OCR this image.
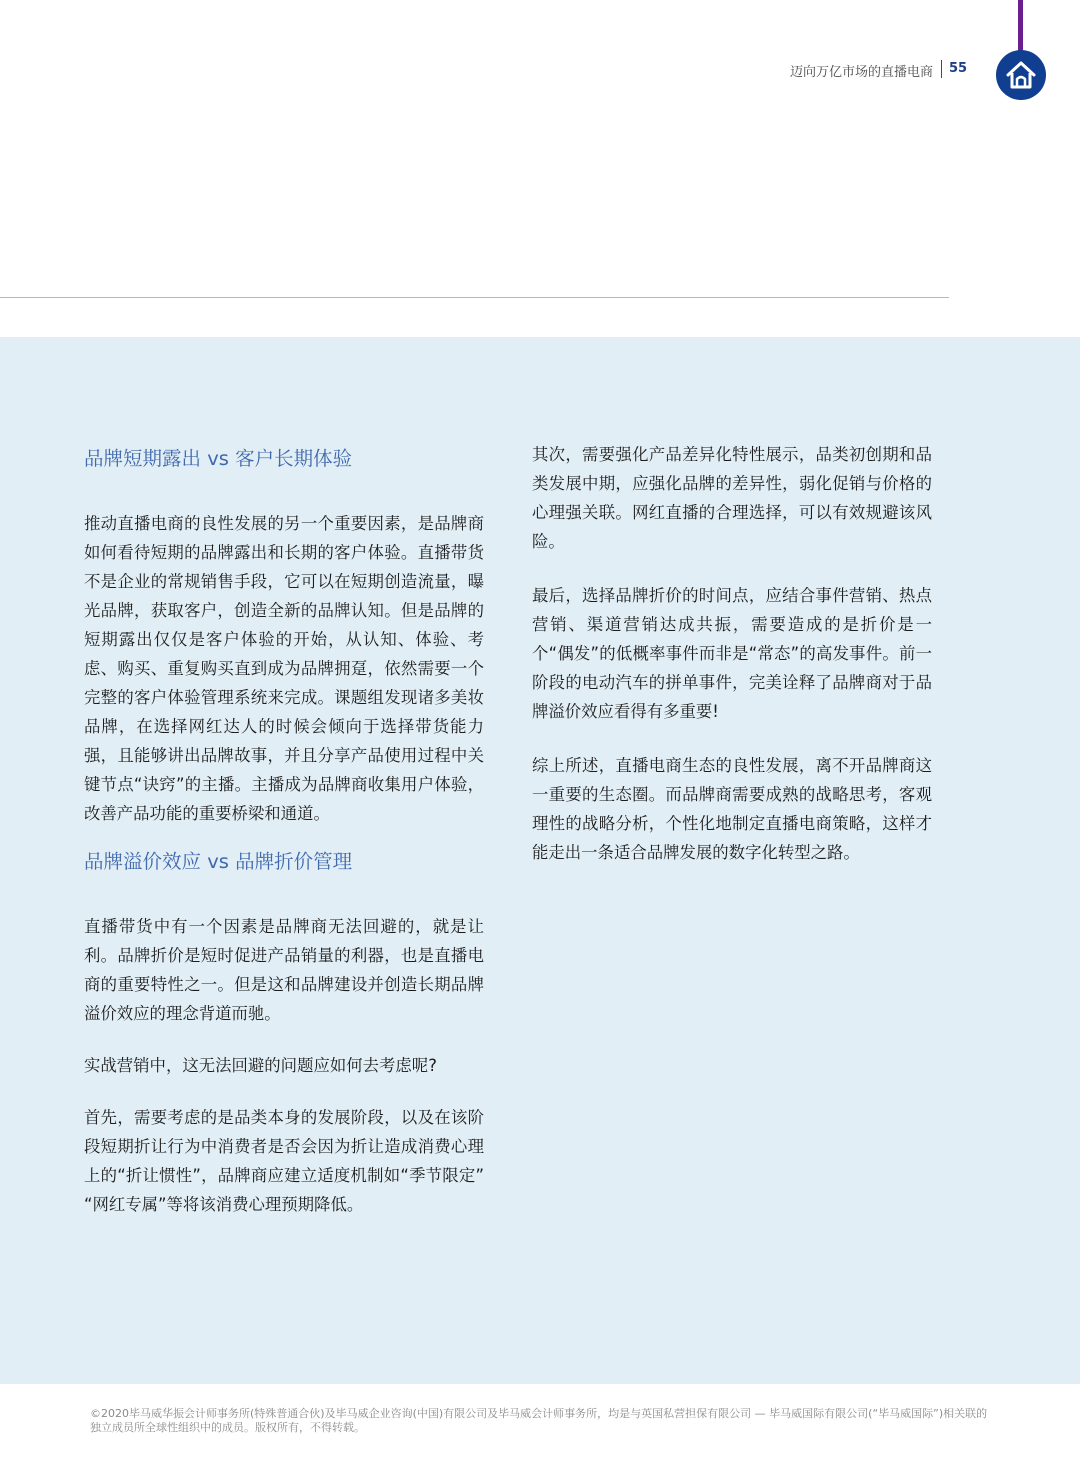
迈向万亿市场的直播电商 55
品牌短期露出 vs 客户长期体验

推动直播电商的良性发展的另一个重要因素，是品牌商如何看待短期的品牌露出和长期的客户体验。直播带货不是企业的常规销售手段，它可以在短期创造流量，曝光品牌，获取客户，创造全新的品牌认知。但是品牌的短期露出仅仅是客户体验的开始，从认知、体验、考虑、购买、重复购买直到成为品牌拥趸，依然需要一个完整的客户体验管理系统来完成。课题组发现诸多美妆品牌，在选择网红达人的时候会倾向于选择带货能力强，且能够讲出品牌故事，并且分享产品使用过程中关键节点“诀窍”的主播。主播成为品牌商收集用户体验，改善产品功能的重要桥梁和通道。

品牌溢价效应 vs 品牌折价管理

直播带货中有一个因素是品牌商无法回避的，就是让利。品牌折价是短时促进产品销量的利器，也是直播电商的重要特性之一。但是这和品牌建设并创造长期品牌溢价效应的理念背道而驰。

实战营销中，这无法回避的问题应如何去考虑呢?

首先，需要考虑的是品类本身的发展阶段，以及在该阶段短期折让行为中消费者是否会因为折让造成消费心理上的“折让惯性”，品牌商应建立适度机制如“季节限定” “网红专属”等将该消费心理预期降低。

其次，需要强化产品差异化特性展示，品类初创期和品类发展中期，应强化品牌的差异性，弱化促销与价格的心理强关联。网红直播的合理选择，可以有效规避该风险。

最后，选择品牌折价的时间点，应结合事件营销、热点营销、渠道营销达成共振，需要造成的是折价是一个“偶发”的低概率事件而非是“常态”的高发事件。前一阶段的电动汽车的拼单事件，完美诠释了品牌商对于品牌溢价效应看得有多重要!

综上所述，直播电商生态的良性发展，离不开品牌商这一重要的生态圈。而品牌商需要成熟的战略思考，客观理性的战略分析，个性化地制定直播电商策略，这样才能走出一条适合品牌发展的数字化转型之路。

©2020毕马威华振会计师事务所(特殊普通合伙)及毕马威企业咨询(中国)有限公司及毕马威会计师事务所，均是与英国私营担保有限公司 — 毕马威国际有限公司(“毕马威国际”)相关联的独立成员所全球性组织中的成员。版权所有，不得转载。
